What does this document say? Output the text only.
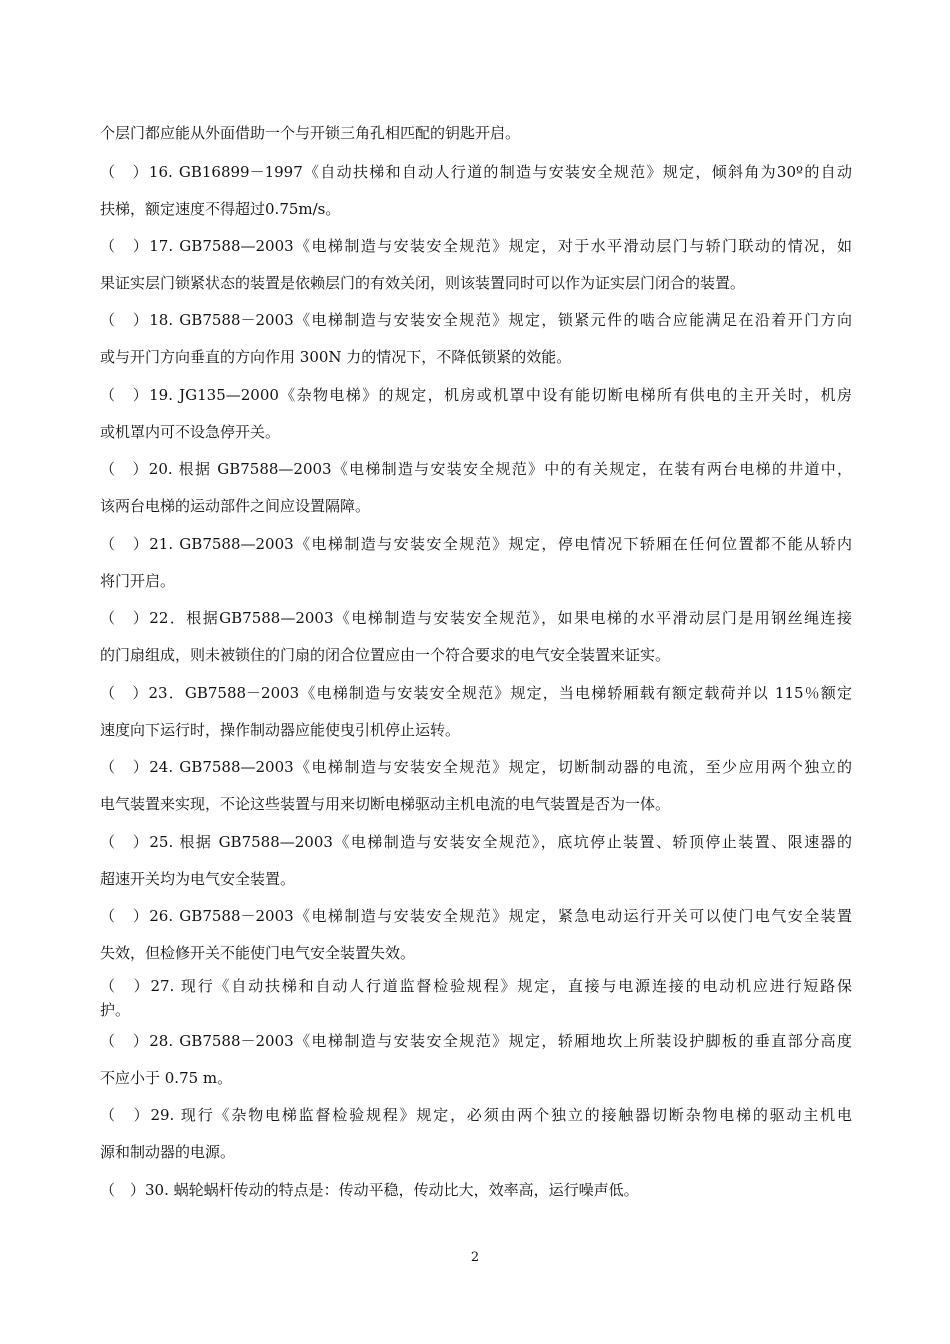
个层门都应能从外面借助一个与开锁三角孔相匹配的钥匙开启。
（　）16. GB16899－1997《自动扶梯和自动人行道的制造与安装安全规范》规定，倾斜角为30º的自动
扶梯，额定速度不得超过0.75m/s。
（　）17. GB7588—2003《电梯制造与安装安全规范》规定，对于水平滑动层门与轿门联动的情况，如
果证实层门锁紧状态的装置是依赖层门的有效关闭，则该装置同时可以作为证实层门闭合的装置。
（　）18. GB7588－2003《电梯制造与安装安全规范》规定，锁紧元件的啮合应能满足在沿着开门方向
或与开门方向垂直的方向作用 300N 力的情况下，不降低锁紧的效能。
（　）19. JG135—2000《杂物电梯》的规定，机房或机罩中设有能切断电梯所有供电的主开关时，机房
或机罩内可不设急停开关。
（　）20. 根据 GB7588—2003《电梯制造与安装安全规范》中的有关规定，在装有两台电梯的井道中，
该两台电梯的运动部件之间应设置隔障。
（　）21. GB7588—2003《电梯制造与安装安全规范》规定，停电情况下轿厢在任何位置都不能从轿内
将门开启。
（　）22．根据GB7588—2003《电梯制造与安装安全规范》，如果电梯的水平滑动层门是用钢丝绳连接
的门扇组成，则未被锁住的门扇的闭合位置应由一个符合要求的电气安全装置来证实。
（　）23．GB7588－2003《电梯制造与安装安全规范》规定，当电梯轿厢载有额定载荷并以 115％额定
速度向下运行时，操作制动器应能使曳引机停止运转。
（　）24. GB7588—2003《电梯制造与安装安全规范》规定，切断制动器的电流，至少应用两个独立的
电气装置来实现，不论这些装置与用来切断电梯驱动主机电流的电气装置是否为一体。
（　）25. 根据 GB7588—2003《电梯制造与安装安全规范》，底坑停止装置、轿顶停止装置、限速器的
超速开关均为电气安全装置。
（　）26. GB7588－2003《电梯制造与安装安全规范》规定，紧急电动运行开关可以使门电气安全装置
失效，但检修开关不能使门电气安全装置失效。
（　）27. 现行《自动扶梯和自动人行道监督检验规程》规定，直接与电源连接的电动机应进行短路保
护。
（　）28. GB7588－2003《电梯制造与安装安全规范》规定，轿厢地坎上所装设护脚板的垂直部分高度
不应小于 0.75 m。
（　）29. 现行《杂物电梯监督检验规程》规定，必须由两个独立的接触器切断杂物电梯的驱动主机电
源和制动器的电源。
（　）30. 蜗轮蜗杆传动的特点是：传动平稳，传动比大，效率高，运行噪声低。
2
